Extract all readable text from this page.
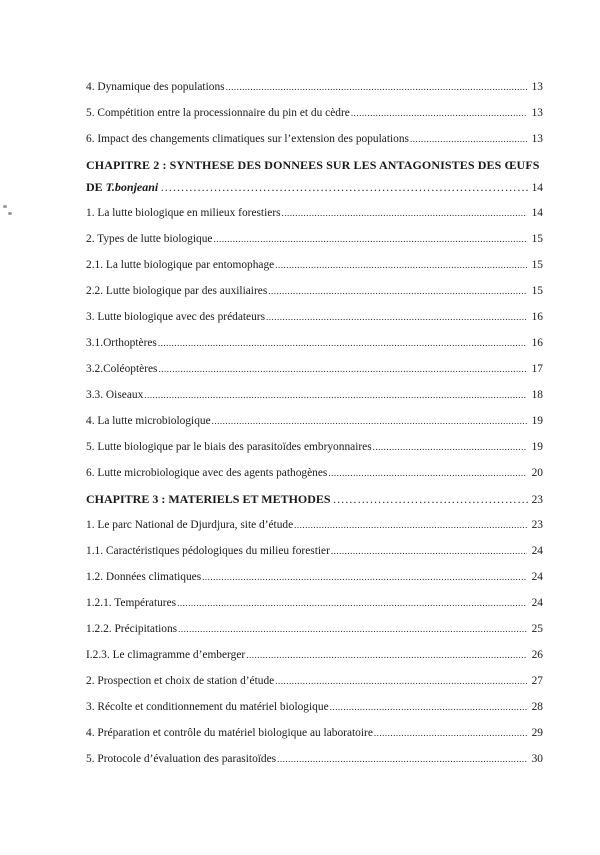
4. Dynamique des populations .....	13
5. Compétition entre la processionnaire du pin et du cèdre .....	13
6. Impact des changements climatiques sur l’extension des populations .....	13
CHAPITRE 2 : SYNTHESE DES DONNEES SUR LES ANTAGONISTES DES ŒUFS
DE T.bonjeani ………………………………………………………………………………………………………………………………………………………………	14
1. La lutte biologique en milieux forestiers .....	14
2. Types de lutte biologique .....	15
2.1. La lutte biologique par entomophage .....	15
2.2. Lutte biologique par des auxiliaires .....	15
3. Lutte biologique avec des prédateurs .....	16
3.1.Orthoptères .....	16
3.2.Coléoptères .....	17
3.3. Oiseaux .....	18
4. La lutte microbiologique .....	19
5. Lutte biologique par le biais des parasitoïdes embryonnaires .....	19
6. Lutte microbiologique avec des agents pathogènes .....	20
CHAPITRE 3 : MATERIELS ET METHODES ………………………………………………………………………………………………………………………………………………………………	23
1. Le parc National de Djurdjura, site d’étude .....	23
1.1. Caractéristiques pédologiques du milieu forestier .....	24
1.2. Données climatiques .....	24
1.2.1. Températures .....	24
1.2.2. Précipitations .....	25
I.2.3. Le climagramme d’emberger .....	26
2. Prospection et choix de station d’étude .....	27
3. Récolte et conditionnement du matériel biologique .....	28
4. Préparation et contrôle du matériel biologique au laboratoire .....	29
5. Protocole d’évaluation des parasitoïdes .....	30
